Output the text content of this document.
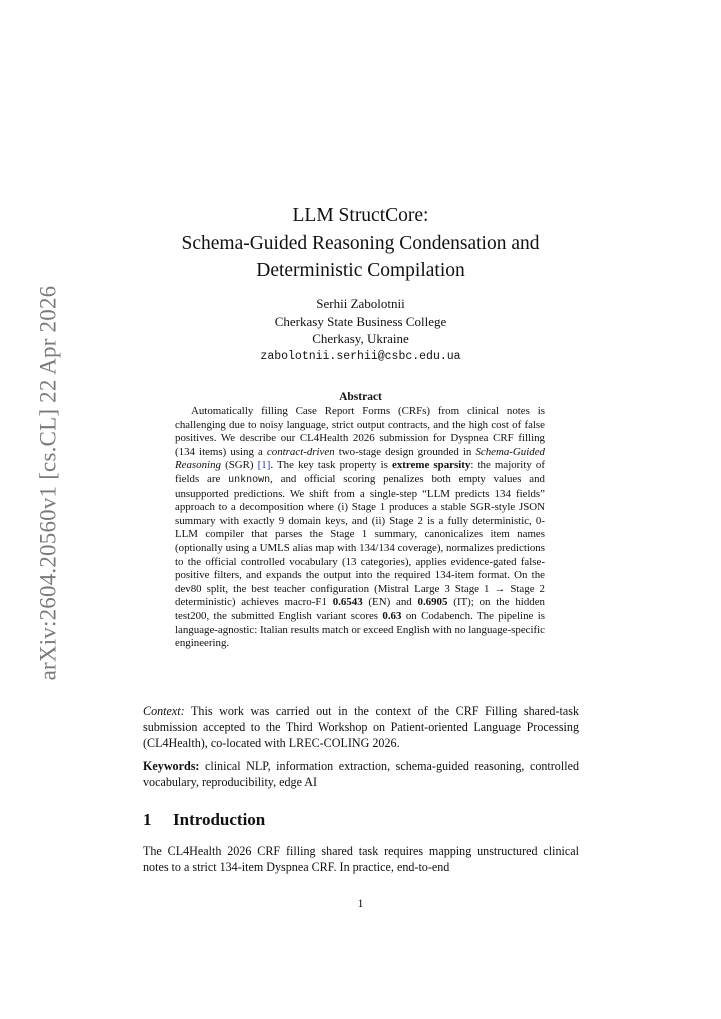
arXiv:2604.20560v1 [cs.CL] 22 Apr 2026
LLM StructCore:
Schema-Guided Reasoning Condensation and
Deterministic Compilation
Serhii Zabolotnii
Cherkasy State Business College
Cherkasy, Ukraine
zabolotnii.serhii@csbc.edu.ua
Abstract
Automatically filling Case Report Forms (CRFs) from clinical notes is challenging due to noisy language, strict output contracts, and the high cost of false positives. We describe our CL4Health 2026 submission for Dyspnea CRF filling (134 items) using a contract-driven two-stage design grounded in Schema-Guided Reasoning (SGR) [1]. The key task property is extreme sparsity: the majority of fields are unknown, and official scoring penalizes both empty values and unsupported predictions. We shift from a single-step “LLM predicts 134 fields” approach to a decomposition where (i) Stage 1 produces a stable SGR-style JSON summary with exactly 9 domain keys, and (ii) Stage 2 is a fully deterministic, 0-LLM compiler that parses the Stage 1 summary, canonicalizes item names (optionally using a UMLS alias map with 134/134 coverage), normalizes predictions to the official controlled vocabulary (13 categories), applies evidence-gated false-positive filters, and expands the output into the required 134-item format. On the dev80 split, the best teacher configuration (Mistral Large 3 Stage 1 → Stage 2 deterministic) achieves macro-F1 0.6543 (EN) and 0.6905 (IT); on the hidden test200, the submitted English variant scores 0.63 on Codabench. The pipeline is language-agnostic: Italian results match or exceed English with no language-specific engineering.
Context: This work was carried out in the context of the CRF Filling shared-task submission accepted to the Third Workshop on Patient-oriented Language Processing (CL4Health), co-located with LREC-COLING 2026.
Keywords: clinical NLP, information extraction, schema-guided reasoning, controlled vocabulary, reproducibility, edge AI
1 Introduction
The CL4Health 2026 CRF filling shared task requires mapping unstructured clinical notes to a strict 134-item Dyspnea CRF. In practice, end-to-end
1
